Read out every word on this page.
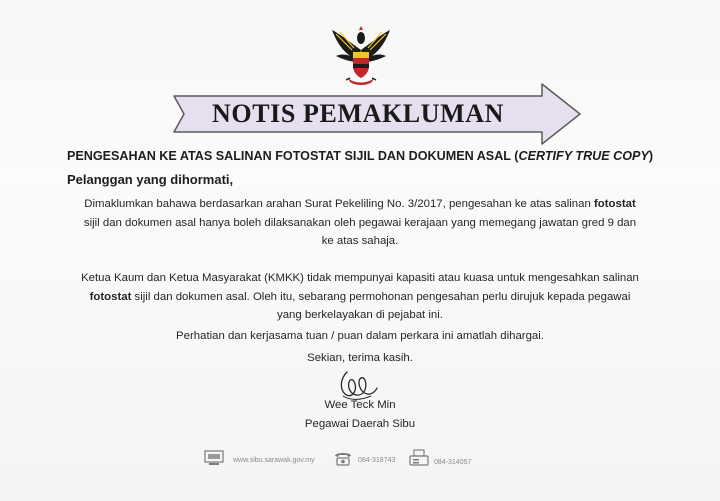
NOTIS PEMAKLUMAN
PENGESAHAN KE ATAS SALINAN FOTOSTAT SIJIL DAN DOKUMEN ASAL (CERTIFY TRUE COPY)
Pelanggan yang dihormati,
Dimaklumkan bahawa berdasarkan arahan Surat Pekeliling No. 3/2017, pengesahan ke atas salinan fotostat sijil dan dokumen asal hanya boleh dilaksanakan oleh pegawai kerajaan yang memegang jawatan gred 9 dan ke atas sahaja.
Ketua Kaum dan Ketua Masyarakat (KMKK) tidak mempunyai kapasiti atau kuasa untuk mengesahkan salinan fotostat sijil dan dokumen asal. Oleh itu, sebarang permohonan pengesahan perlu dirujuk kepada pegawai yang berkelayakan di pejabat ini.
Perhatian dan kerjasama tuan / puan dalam perkara ini amatlah dihargai.
Sekian, terima kasih.
Wee Teck Min
Pegawai Daerah Sibu
www.sibu.sarawak.gov.my	084-318743	084-314057
